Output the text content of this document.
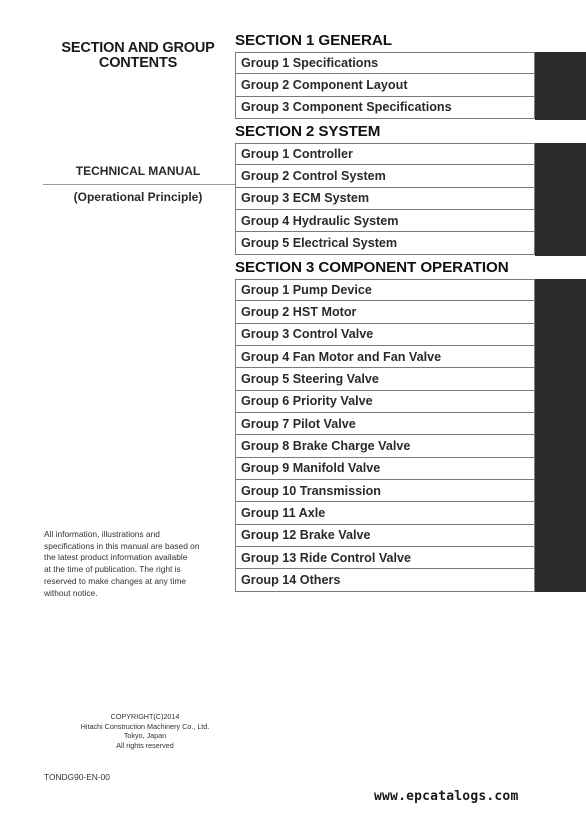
SECTION AND GROUP
CONTENTS
TECHNICAL MANUAL
(Operational Principle)
All information, illustrations and
specifications in this manual are based on
the latest product information available
at the time of publication. The right is
reserved to make changes at any time
without notice.
COPYRIGHT(C)2014
Hitachi Construction Machinery Co., Ltd.
Tokyo, Japan
All rights reserved
TONDG90-EN-00
SECTION 1 GENERAL
Group 1 Specifications
Group 2 Component Layout
Group 3 Component Specifications
SECTION 2 SYSTEM
Group 1 Controller
Group 2 Control System
Group 3 ECM System
Group 4 Hydraulic System
Group 5 Electrical System
SECTION 3 COMPONENT OPERATION
Group 1 Pump Device
Group 2 HST Motor
Group 3 Control Valve
Group 4 Fan Motor and Fan Valve
Group 5 Steering Valve
Group 6 Priority Valve
Group 7 Pilot Valve
Group 8 Brake Charge Valve
Group 9 Manifold Valve
Group 10 Transmission
Group 11 Axle
Group 12 Brake Valve
Group 13 Ride Control Valve
Group 14 Others
www.epcatalogs.com
